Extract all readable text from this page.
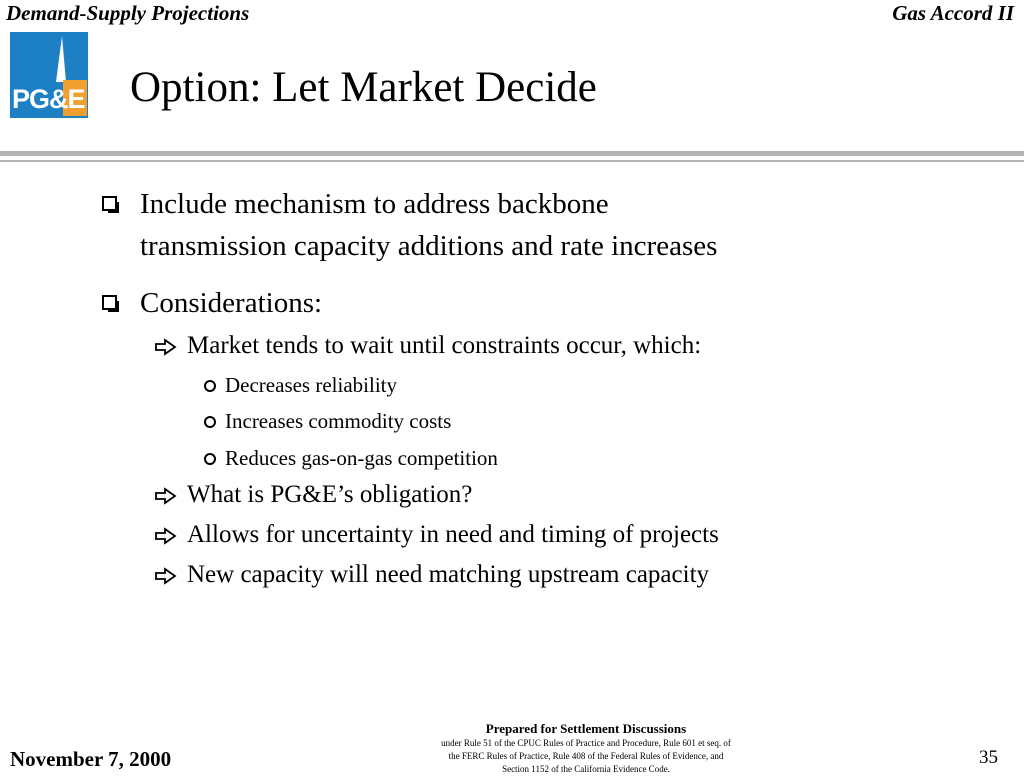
Demand-Supply Projections	Gas Accord II
PG&E Option: Let Market Decide
Include mechanism to address backbone
transmission capacity additions and rate increases
Considerations:
Market tends to wait until constraints occur, which:
Decreases reliability
Increases commodity costs
Reduces gas-on-gas competition
What is PG&E’s obligation?
Allows for uncertainty in need and timing of projects
New capacity will need matching upstream capacity
Prepared for Settlement Discussions
under Rule 51 of the CPUC Rules of Practice and Procedure, Rule 601 et seq. of
the FERC Rules of Practice, Rule 408 of the Federal Rules of Evidence, and
Section 1152 of the California Evidence Code.
November 7, 2000	35
